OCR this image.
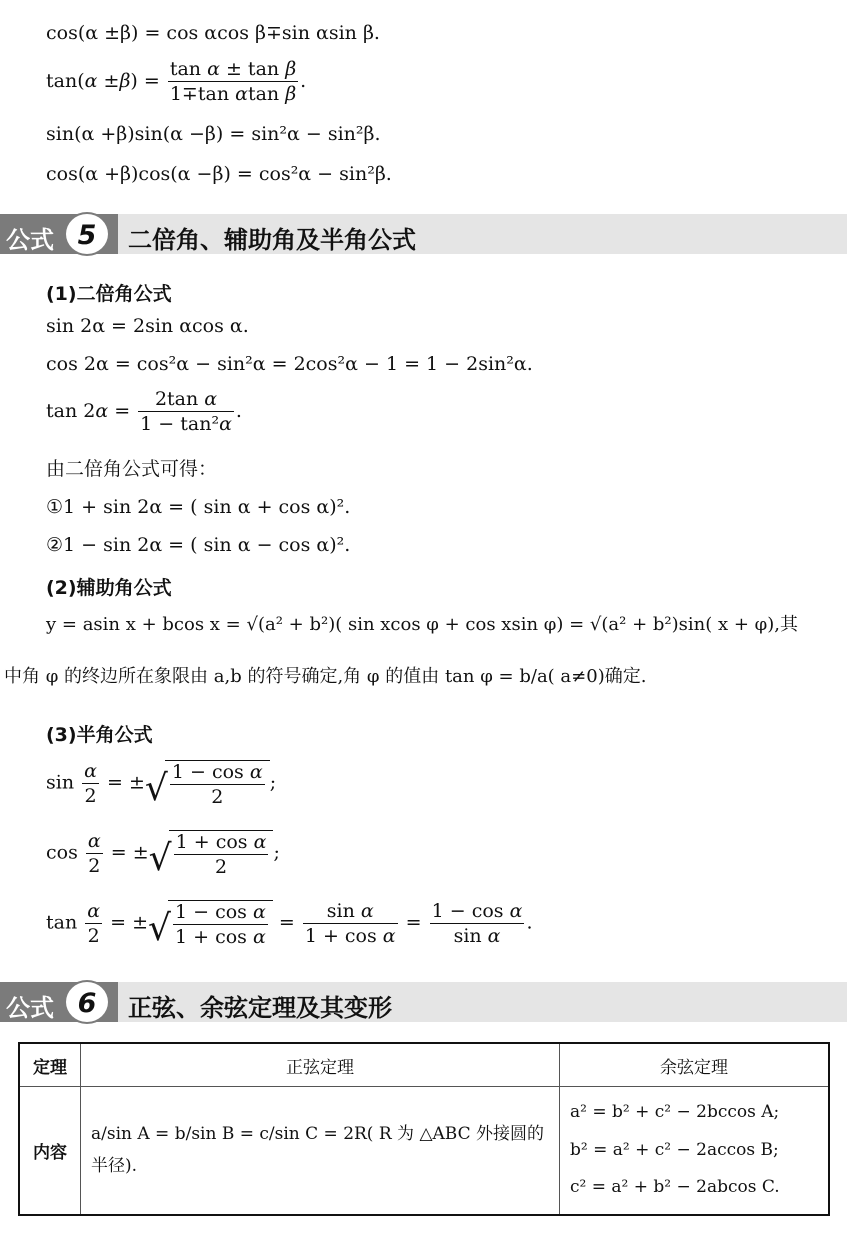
cos(α ±β) = cos αcos β∓sin αsin β.
$\tan(\alpha \pm\beta) = \frac{\text{tan α ± tan β}}{\text{1∓tan αtan β}}$ .
sin(α +β)sin(α −β) = sin²α − sin²β.
cos(α +β)cos(α −β) = cos²α − sin²β.
公式 5	二倍角、辅助角及半角公式
(1)二倍角公式
sin 2α = 2sin αcos α.
cos 2α = cos²α − sin²α = 2cos²α − 1 = 1 − 2sin²α.
$\tan 2\alpha = \frac{\text{2tan α}}{\text{1 − tan²α}}$ .
由二倍角公式可得：
①1 + sin 2α = ( sin α + cos α)².
②1 − sin 2α = ( sin α − cos α)².
(2)辅助角公式
y = asin x + bcos x = √(a² + b²)( sin xcos φ + cos xsin φ) = √(a² + b²)sin( x + φ),其
中角 φ 的终边所在象限由 a,b 的符号确定,角 φ 的值由 tan φ = b/a( a≠0)确定.
(3)半角公式
$\sin \frac{\alpha}{2}$ = ± √ $\frac{\text{1 − cos α}}{2}$ ;
$\cos \frac{\alpha}{2}$ = ± √ $\frac{\text{1 + cos α}}{2}$ ;
$\tan \frac{\alpha}{2}$ = ± √ $\frac{\text{1 − cos α}}{\text{1 + cos α}} = \frac{\text{sin α}}{\text{1 + cos α}} = \frac{\text{1 − cos α}}{\text{sin α}}$ .
公式 6	正弦、余弦定理及其变形
定理	正弦定理	余弦定理
内容	a/sin A = b/sin B = c/sin C = 2R( R 为 △ABC 外接圆的半径).	a² = b² + c² − 2bccos A;
b² = a² + c² − 2accos B;
c² = a² + b² − 2abcos C.
